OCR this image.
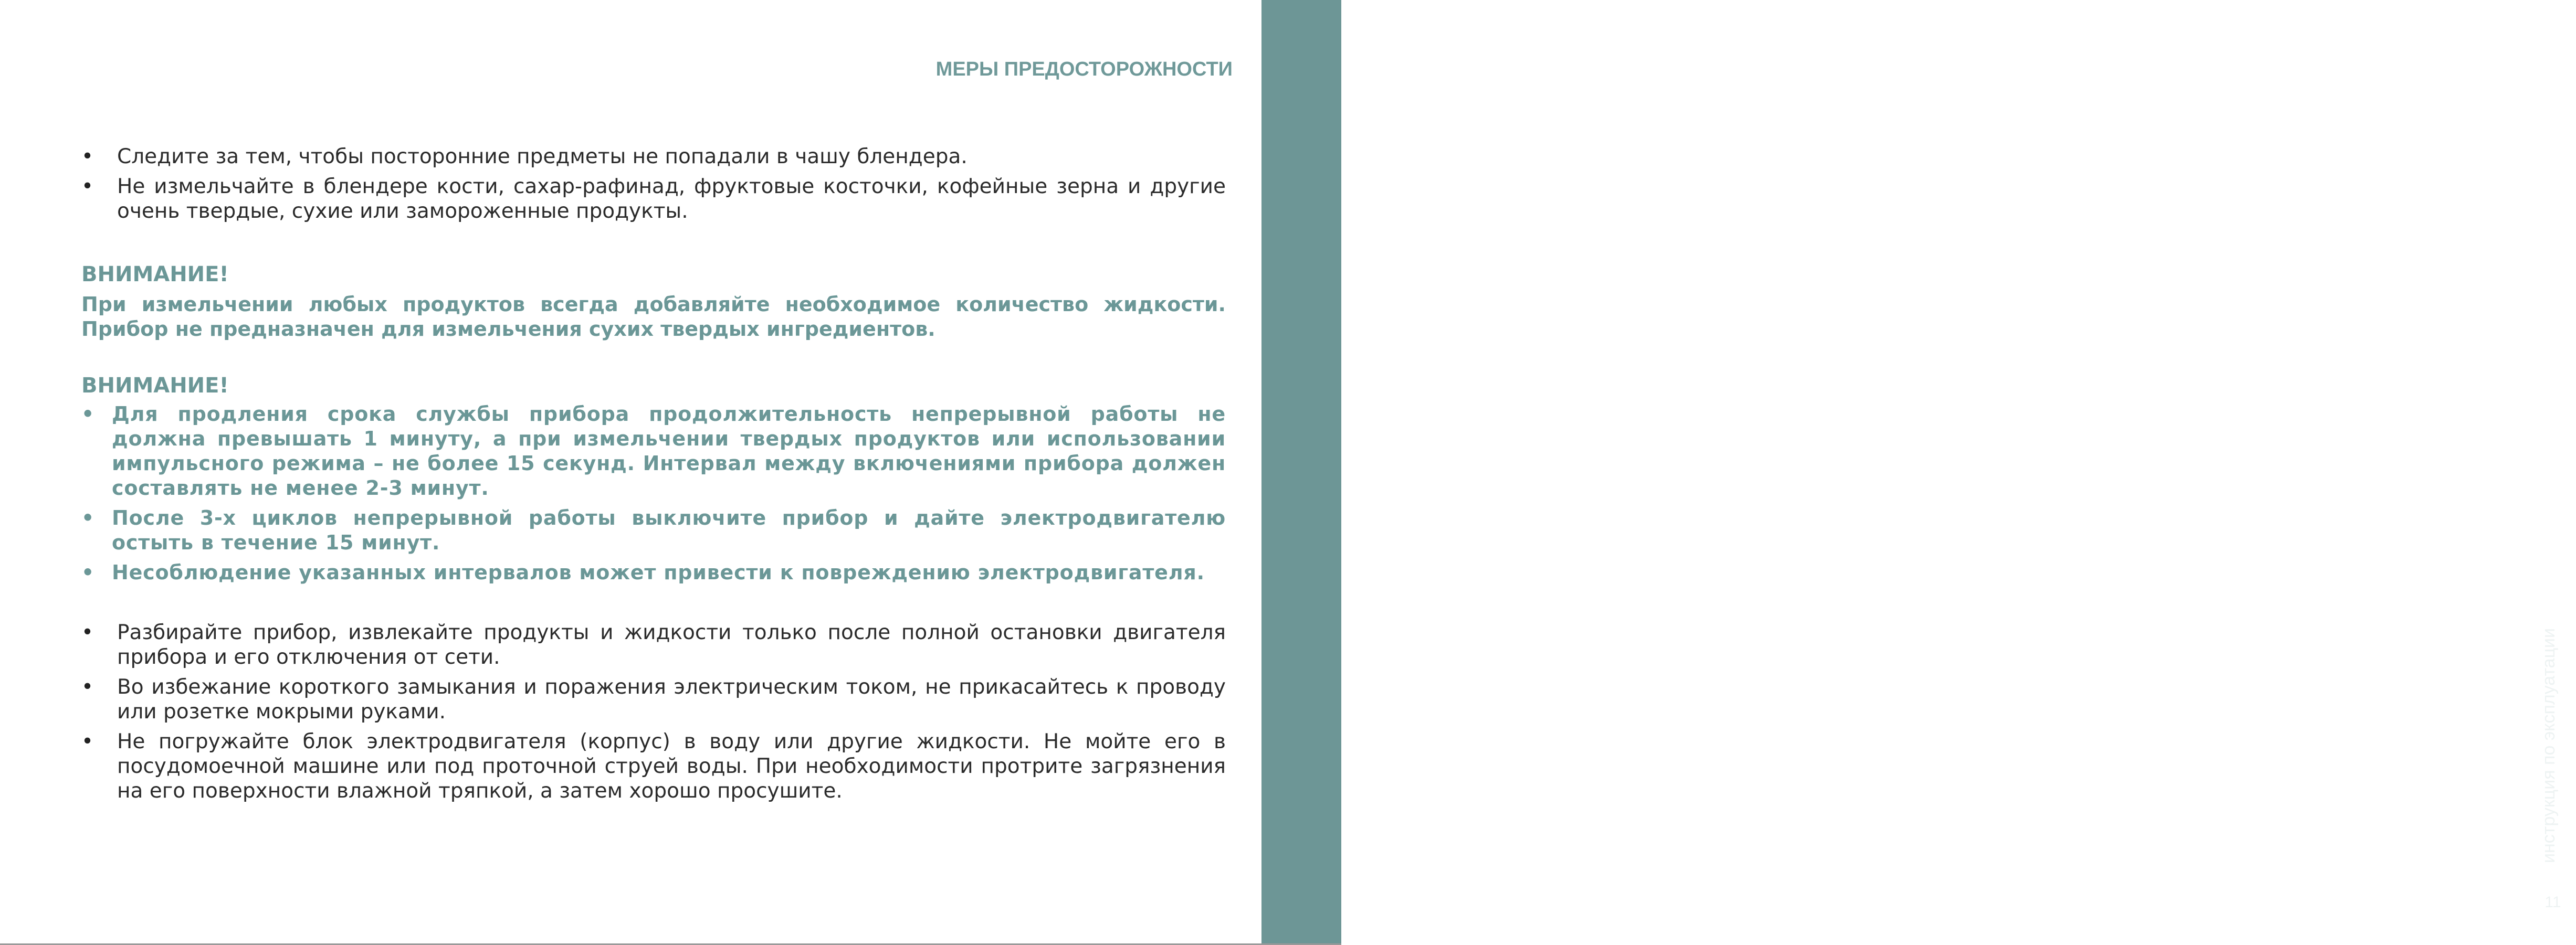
RU
инструкция по эксплуатации
11
МЕРЫ ПРЕДОСТОРОЖНОСТИ
• Следите за тем, чтобы посторонние предметы не попадали в чашу блендера.
• Не измельчайте в блендере кости, сахар-рафинад, фруктовые косточки, кофейные зерна и другие очень твердые, сухие или замороженные продукты.

ВНИМАНИЕ!

При измельчении любых продуктов всегда добавляйте необходимое количество жидкости. Прибор не предназначен для измельчения сухих твердых ингредиентов.

ВНИМАНИЕ!

• Для продления срока службы прибора продолжительность непрерывной работы не должна превышать 1 минуту, а при измельчении твердых продуктов или использовании импульсного режима – не более 15 секунд. Интервал между включениями прибора должен составлять не менее 2-3 минут.
• После 3-х циклов непрерывной работы выключите прибор и дайте электродвигателю остыть в течение 15 минут.
• Несоблюдение указанных интервалов может привести к повреждению электродвигателя.
• Разбирайте прибор, извлекайте продукты и жидкости только после полной остановки двигателя прибора и его отключения от сети.
• Во избежание короткого замыкания и поражения электрическим током, не прикасайтесь к проводу или розетке мокрыми руками.
• Не погружайте блок электродвигателя (корпус) в воду или другие жидкости. Не мойте его в посудомоечной машине или под проточной струей воды. При необходимости протрите загрязнения на его поверхности влажной тряпкой, а затем хорошо просушите.
